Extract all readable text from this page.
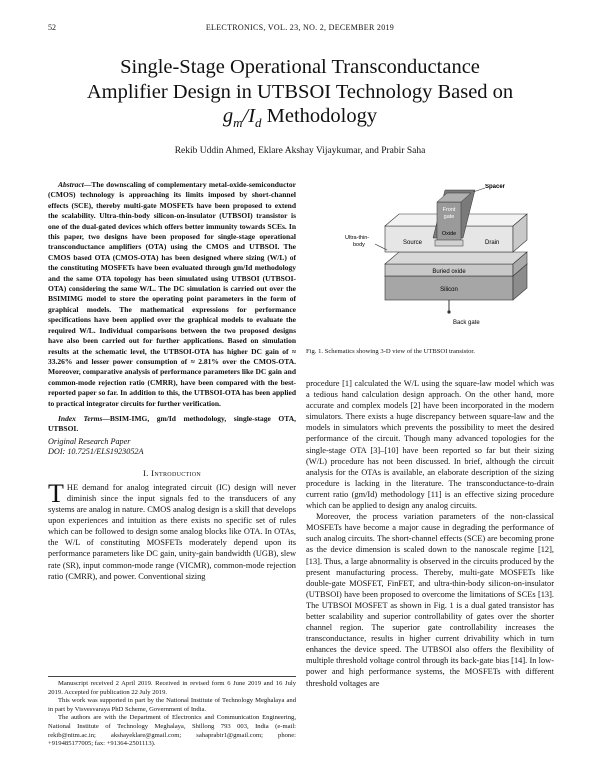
52	ELECTRONICS, VOL. 23, NO. 2, DECEMBER 2019
Single-Stage Operational Transconductance
Amplifier Design in UTBSOI Technology Based on
$g_m/I_d$ Methodology
Rekib Uddin Ahmed, Eklare Akshay Vijaykumar, and Prabir Saha

Abstract—The downscaling of complementary metal-oxide-semiconductor (CMOS) technology is approaching its limits imposed by short-channel effects (SCE), thereby multi-gate MOSFETs have been proposed to extend the scalability. Ultra-thin-body silicon-on-insulator (UTBSOI) transistor is one of the dual-gated devices which offers better immunity towards SCEs. In this paper, two designs have been proposed for single-stage operational transconductance amplifiers (OTA) using the CMOS and UTBSOI. The CMOS based OTA (CMOS-OTA) has been designed where sizing (W/L) of the constituting MOSFETs have been evaluated through gm/Id methodology and the same OTA topology has been simulated using UTBSOI (UTBSOI-OTA) considering the same W/L. The DC simulation is carried out over the BSIMIMG model to store the operating point parameters in the form of graphical models. The mathematical expressions for performance specifications have been applied over the graphical models to evaluate the required W/L. Individual comparisons between the two proposed designs have also been carried out for further applications. Based on simulation results at the schematic level, the UTBSOI-OTA has higher DC gain of ≈ 33.26% and lesser power consumption of ≈ 2.81% over the CMOS-OTA. Moreover, comparative analysis of performance parameters like DC gain and common-mode rejection ratio (CMRR), have been compared with the best-reported paper so far. In addition to this, the UTBSOI-OTA has been applied to practical integrator circuits for further verification.

Index Terms—BSIM-IMG, gm/Id methodology, single-stage OTA, UTBSOI.

Original Research Paper
DOI: 10.7251/ELS1923052A
I. Introduction

THE demand for analog integrated circuit (IC) design will never diminish since the input signals fed to the transducers of any systems are analog in nature. CMOS analog design is a skill that develops upon experiences and intuition as there exists no specific set of rules which can be followed to design some analog blocks like OTA. In OTAs, the W/L of constituting MOSFETs moderately depend upon its performance parameters like DC gain, unity-gain bandwidth (UGB), slew rate (SR), input common-mode range (VICMR), common-mode rejection ratio (CMRR), and power. Conventional sizing

Manuscript received 2 April 2019. Received in revised form 6 June 2019 and 16 July 2019. Accepted for publication 22 July 2019.

This work was supported in part by the National Institute of Technology Meghalaya and in part by Visvesvaraya PhD Scheme, Government of India.

The authors are with the Department of Electronics and Communication Engineering, National Institute of Technology Meghalaya, Shillong 793 003, India (e-mail: rekib@nitm.ac.in; akshayeklare@gmail.com; sahaprabir1@gmail.com; phone: +919485177005; fax: +91364-2501113).

Spacer
Front
gate
Oxide
Ultra-thin-
body	Source	Drain
Buried oxide
Silicon
Back gate
Fig. 1. Schematics showing 3-D view of the UTBSOI transistor.

procedure [1] calculated the W/L using the square-law model which was a tedious hand calculation design approach. On the other hand, more accurate and complex models [2] have been incorporated in the modern simulators. There exists a huge discrepancy between square-law and the models in simulators which prevents the possibility to meet the desired performance of the circuit. Though many advanced topologies for the single-stage OTA [3]–[10] have been reported so far but their sizing (W/L) procedure has not been discussed. In brief, although the circuit analysis for the OTAs is available, an elaborate description of the sizing procedure is lacking in the literature. The transconductance-to-drain current ratio (gm/Id) methodology [11] is an effective sizing procedure which can be applied to design any analog circuits.

Moreover, the process variation parameters of the non-classical MOSFETs have become a major cause in degrading the performance of such analog circuits. The short-channel effects (SCE) are becoming prone as the device dimension is scaled down to the nanoscale regime [12], [13]. Thus, a large abnormality is observed in the circuits produced by the present manufacturing process. Thereby, multi-gate MOSFETs like double-gate MOSFET, FinFET, and ultra-thin-body silicon-on-insulator (UTBSOI) have been proposed to overcome the limitations of SCEs [13]. The UTBSOI MOSFET as shown in Fig. 1 is a dual gated transistor has better scalability and superior controllability of gates over the shorter channel region. The superior gate controllability increases the transconductance, results in higher current drivability which in turn enhances the device speed. The UTBSOI also offers the flexibility of multiple threshold voltage control through its back-gate bias [14]. In low-power and high performance systems, the MOSFETs with different threshold voltages are
